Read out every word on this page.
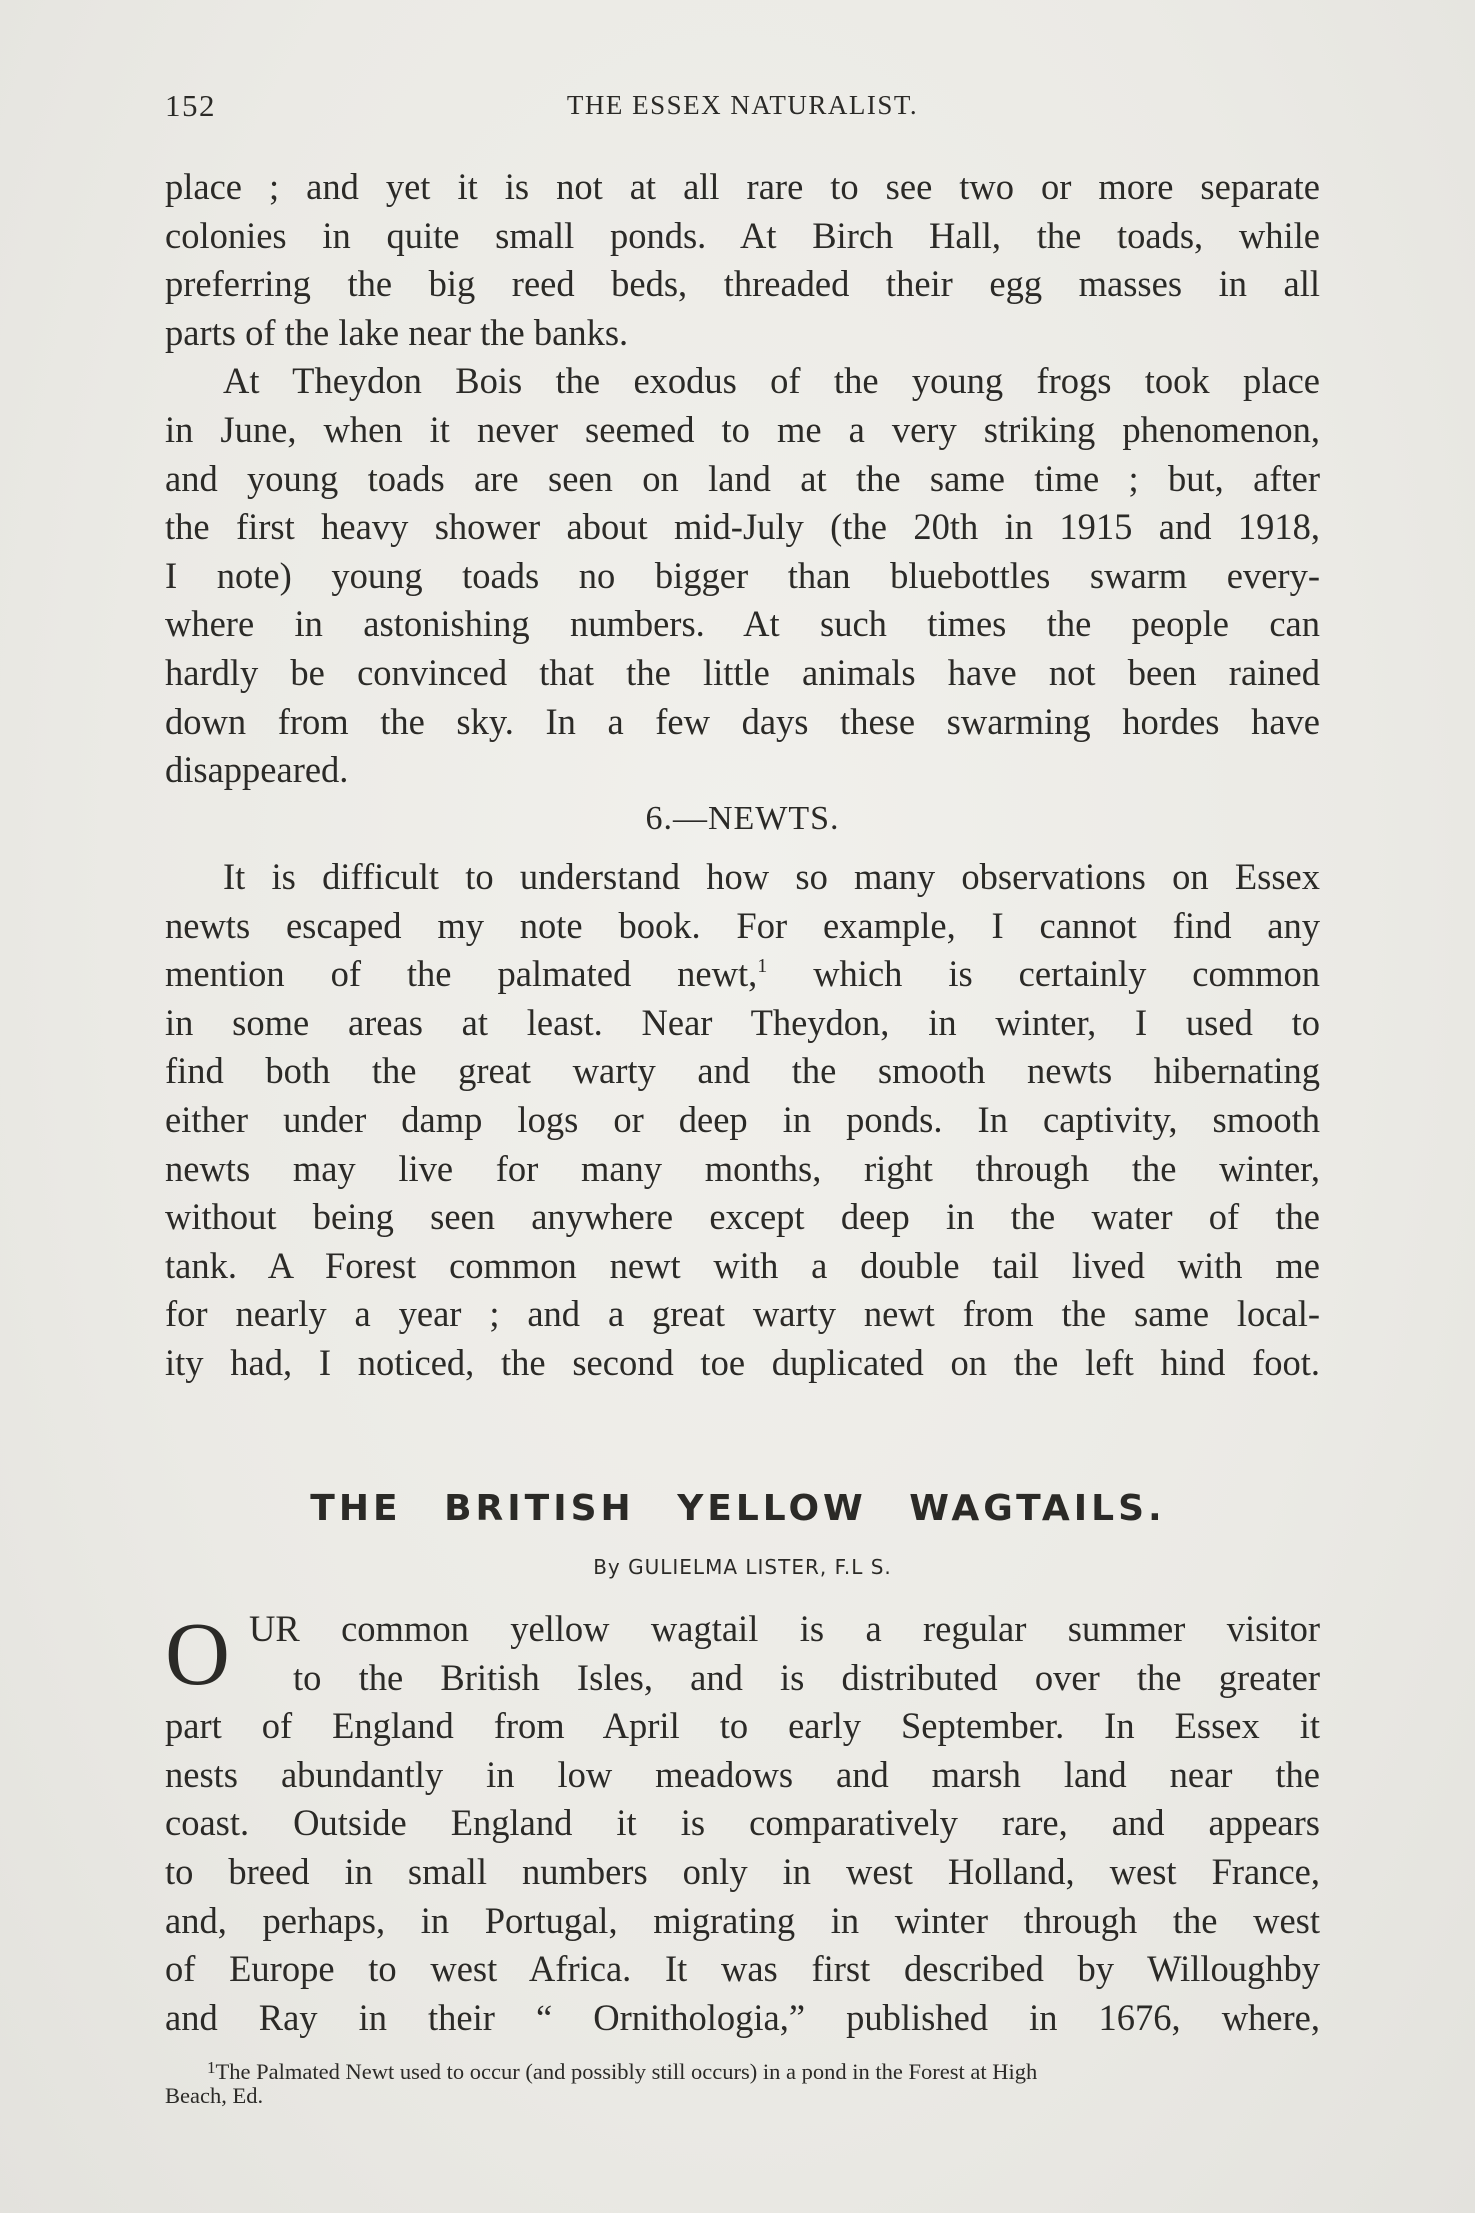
152	THE ESSEX NATURALIST.
place ; and yet it is not at all rare to see two or more separate
colonies in quite small ponds. At Birch Hall, the toads, while
preferring the big reed beds, threaded their egg masses in all
parts of the lake near the banks.
At Theydon Bois the exodus of the young frogs took place
in June, when it never seemed to me a very striking phenomenon,
and young toads are seen on land at the same time ; but, after
the first heavy shower about mid-July (the 20th in 1915 and 1918,
I note) young toads no bigger than bluebottles swarm every-
where in astonishing numbers. At such times the people can
hardly be convinced that the little animals have not been rained
down from the sky. In a few days these swarming hordes have
disappeared.
6.—NEWTS.
It is difficult to understand how so many observations on Essex
newts escaped my note book. For example, I cannot find any
mention of the palmated newt,$^1$ which is certainly common
in some areas at least. Near Theydon, in winter, I used to
find both the great warty and the smooth newts hibernating
either under damp logs or deep in ponds. In captivity, smooth
newts may live for many months, right through the winter,
without being seen anywhere except deep in the water of the
tank. A Forest common newt with a double tail lived with me
for nearly a year ; and a great warty newt from the same local-
ity had, I noticed, the second toe duplicated on the left hind foot.
THE BRITISH YELLOW WAGTAILS.
By GULIELMA LISTER, F.L S.
O UR common yellow wagtail is a regular summer visitor
to the British Isles, and is distributed over the greater
part of England from April to early September. In Essex it
nests abundantly in low meadows and marsh land near the
coast. Outside England it is comparatively rare, and appears
to breed in small numbers only in west Holland, west France,
and, perhaps, in Portugal, migrating in winter through the west
of Europe to west Africa. It was first described by Willoughby
and Ray in their “ Ornithologia,” published in 1676, where,
$^1$The Palmated Newt used to occur (and possibly still occurs) in a pond in the Forest at High
Beach, Ed.
